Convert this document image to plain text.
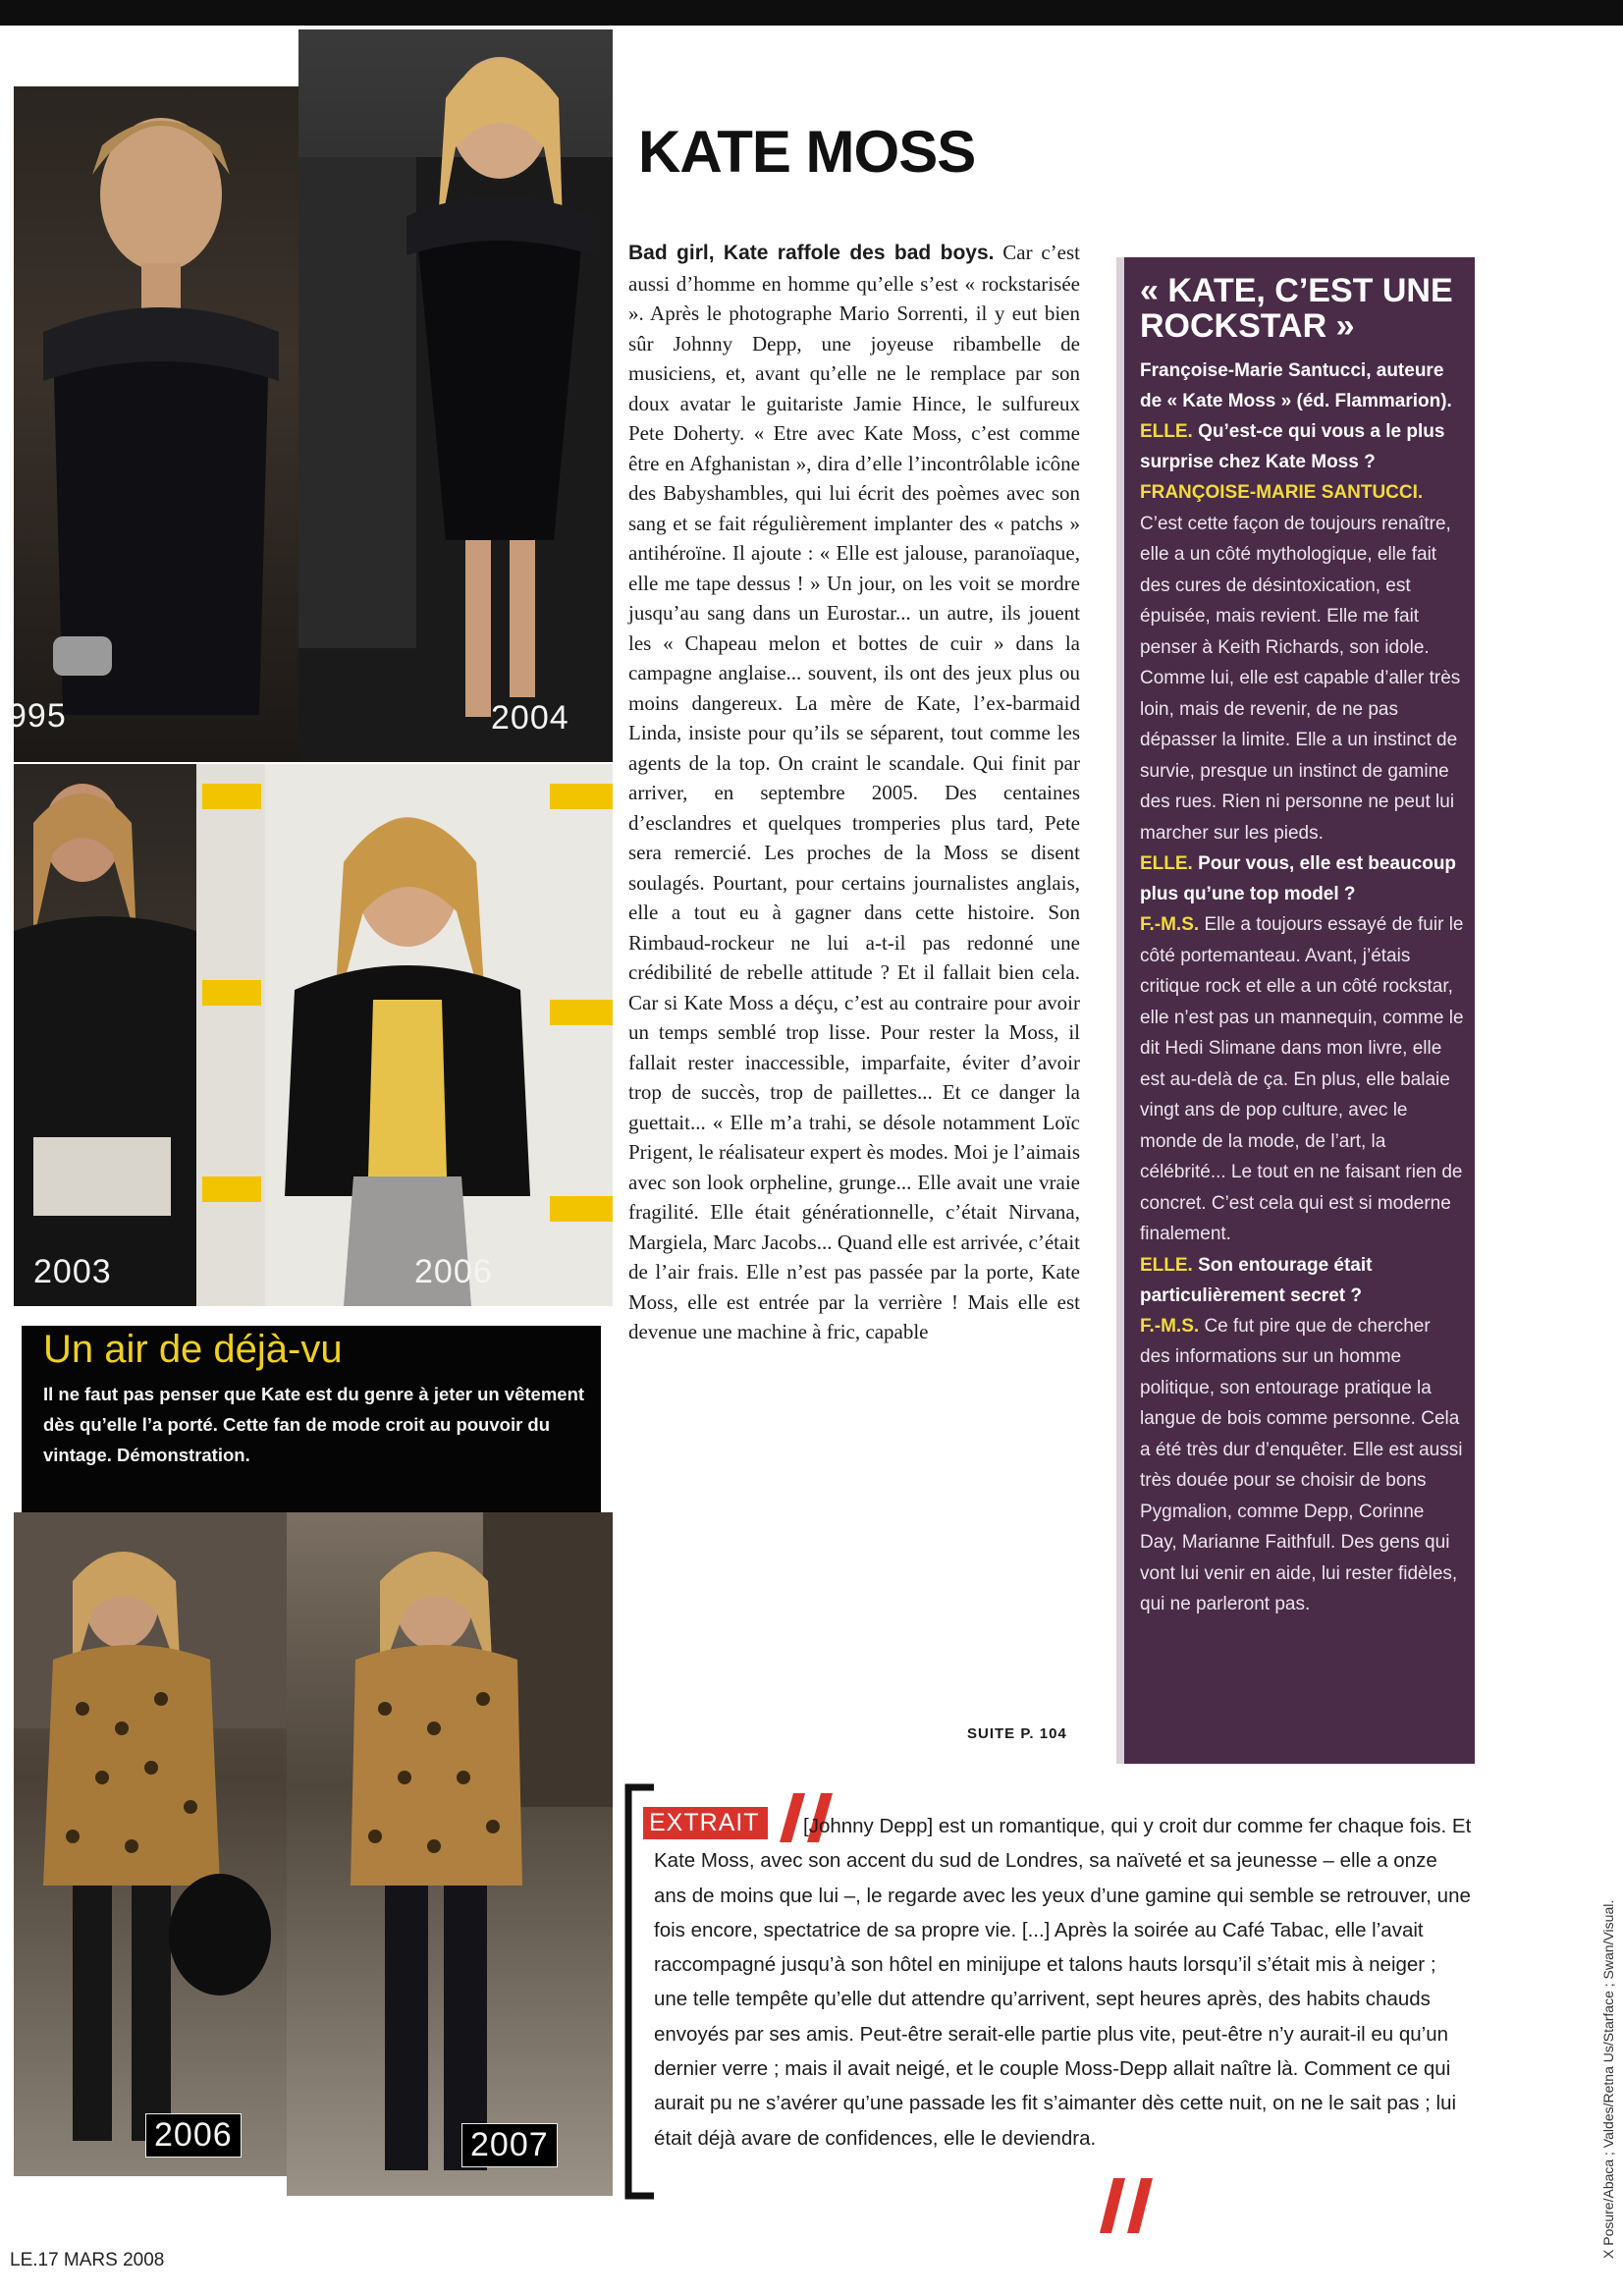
995	2004
2003	2006
Un air de déjà-vu

Il ne faut pas penser que Kate est du genre à jeter un vêtement dès qu’elle l’a porté. Cette fan de mode croit au pouvoir du vintage. Démonstration.

2006	2007
KATE MOSS

Bad girl, Kate raffole des bad boys. Car c’est aussi d’homme en homme qu’elle s’est « rockstarisée ». Après le photographe Mario Sorrenti, il y eut bien sûr Johnny Depp, une joyeuse ribambelle de musiciens, et, avant qu’elle ne le remplace par son doux avatar le guitariste Jamie Hince, le sulfureux Pete Doherty. « Etre avec Kate Moss, c’est comme être en Afghanistan », dira d’elle l’incontrôlable icône des Babyshambles, qui lui écrit des poèmes avec son sang et se fait régulièrement implanter des « patchs » antihéroïne. Il ajoute : « Elle est jalouse, paranoïaque, elle me tape dessus ! » Un jour, on les voit se mordre jusqu’au sang dans un Eurostar... un autre, ils jouent les « Chapeau melon et bottes de cuir » dans la campagne anglaise... souvent, ils ont des jeux plus ou moins dangereux. La mère de Kate, l’ex-barmaid Linda, insiste pour qu’ils se séparent, tout comme les agents de la top. On craint le scandale. Qui finit par arriver, en septembre 2005. Des centaines d’esclandres et quelques tromperies plus tard, Pete sera remercié. Les proches de la Moss se disent soulagés. Pourtant, pour certains journalistes anglais, elle a tout eu à gagner dans cette histoire. Son Rimbaud-rockeur ne lui a-t-il pas redonné une crédibilité de rebelle attitude ? Et il fallait bien cela. Car si Kate Moss a déçu, c’est au contraire pour avoir un temps semblé trop lisse. Pour rester la Moss, il fallait rester inaccessible, imparfaite, éviter d’avoir trop de succès, trop de paillettes... Et ce danger la guettait... « Elle m’a trahi, se désole notamment Loïc Prigent, le réalisateur expert ès modes. Moi je l’aimais avec son look orpheline, grunge... Elle avait une vraie fragilité. Elle était générationnelle, c’était Nirvana, Margiela, Marc Jacobs... Quand elle est arrivée, c’était de l’air frais. Elle n’est pas passée par la porte, Kate Moss, elle est entrée par la verrière ! Mais elle est devenue une machine à fric, capable

SUITE P. 104
« KATE, C’EST UNE ROCKSTAR »

Françoise-Marie Santucci, auteure de « Kate Moss » (éd. Flammarion).

ELLE. Qu’est-ce qui vous a le plus surprise chez Kate Moss ?

FRANÇOISE-MARIE SANTUCCI. C’est cette façon de toujours renaître, elle a un côté mythologique, elle fait des cures de désintoxication, est épuisée, mais revient. Elle me fait penser à Keith Richards, son idole. Comme lui, elle est capable d’aller très loin, mais de revenir, de ne pas dépasser la limite. Elle a un instinct de survie, presque un instinct de gamine des rues. Rien ni personne ne peut lui marcher sur les pieds.

ELLE. Pour vous, elle est beaucoup plus qu’une top model ?

F.-M.S. Elle a toujours essayé de fuir le côté portemanteau. Avant, j’étais critique rock et elle a un côté rockstar, elle n’est pas un mannequin, comme le dit Hedi Slimane dans mon livre, elle est au-delà de ça. En plus, elle balaie vingt ans de pop culture, avec le monde de la mode, de l’art, la célébrité... Le tout en ne faisant rien de concret. C’est cela qui est si moderne finalement.

ELLE. Son entourage était particulièrement secret ?

F.-M.S. Ce fut pire que de chercher des informations sur un homme politique, son entourage pratique la langue de bois comme personne. Cela a été très dur d’enquêter. Elle est aussi très douée pour se choisir de bons Pygmalion, comme Depp, Corinne Day, Marianne Faithfull. Des gens qui vont lui venir en aide, lui rester fidèles, qui ne parleront pas.

EXTRAIT	[Johnny Depp] est un romantique, qui y croit dur comme fer chaque fois. Et Kate Moss, avec son accent du sud de Londres, sa naïveté et sa jeunesse – elle a onze ans de moins que lui –, le regarde avec les yeux d’une gamine qui semble se retrouver, une fois encore, spectatrice de sa propre vie. [...] Après la soirée au Café Tabac, elle l’avait raccompagné jusqu’à son hôtel en minijupe et talons hauts lorsqu’il s’était mis à neiger ; une telle tempête qu’elle dut attendre qu’arrivent, sept heures après, des habits chauds envoyés par ses amis. Peut-être serait-elle partie plus vite, peut-être n’y aurait-il eu qu’un dernier verre ; mais il avait neigé, et le couple Moss-Depp allait naître là. Comment ce qui aurait pu ne s’avérer qu’une passade les fit s’aimanter dès cette nuit, on ne le sait pas ; lui était déjà avare de confidences, elle le deviendra.

LE.17 MARS 2008

X Posure/Abaca ; Valdes/Retna Us/Starface ; Swan/Visual.
